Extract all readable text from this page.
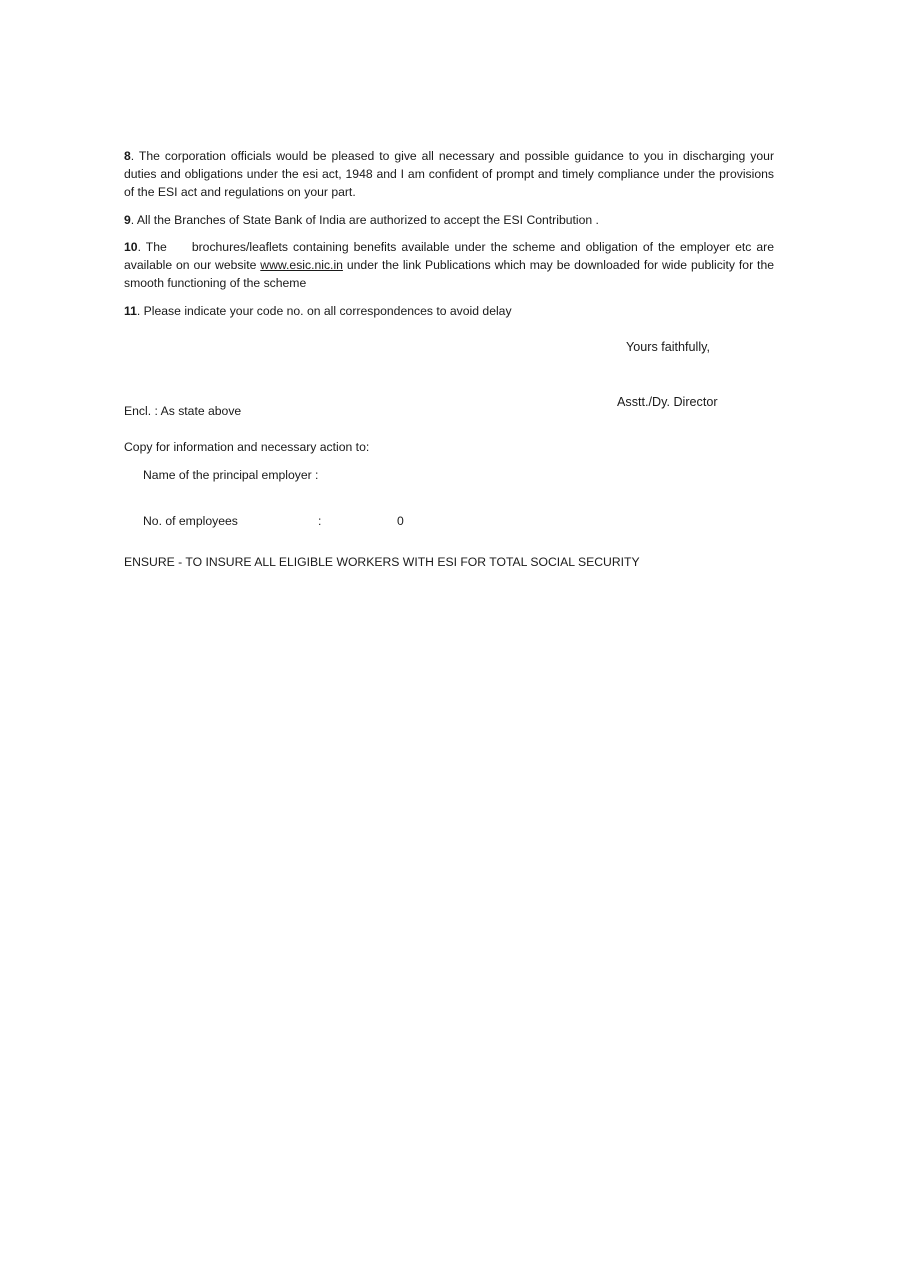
8. The corporation officials would be pleased to give all necessary and possible guidance to you in discharging your duties and obligations under the esi act, 1948 and I am confident of prompt and timely compliance under the provisions of the ESI act and regulations on your part.

9. All the Branches of State Bank of India are authorized to accept the ESI Contribution .

10. The     brochures/leaflets containing benefits available under the scheme and obligation of the employer etc are available on our website www.esic.nic.in under the link Publications which may be downloaded for wide publicity for the smooth functioning of the scheme

11. Please indicate your code no. on all correspondences to avoid delay

Yours faithfully,
Asstt./Dy. Director
Encl. : As state above
Copy for information and necessary action to:
Name of the principal employer :
No. of employees	:	0
ENSURE - TO INSURE ALL ELIGIBLE WORKERS WITH ESI FOR TOTAL SOCIAL SECURITY
